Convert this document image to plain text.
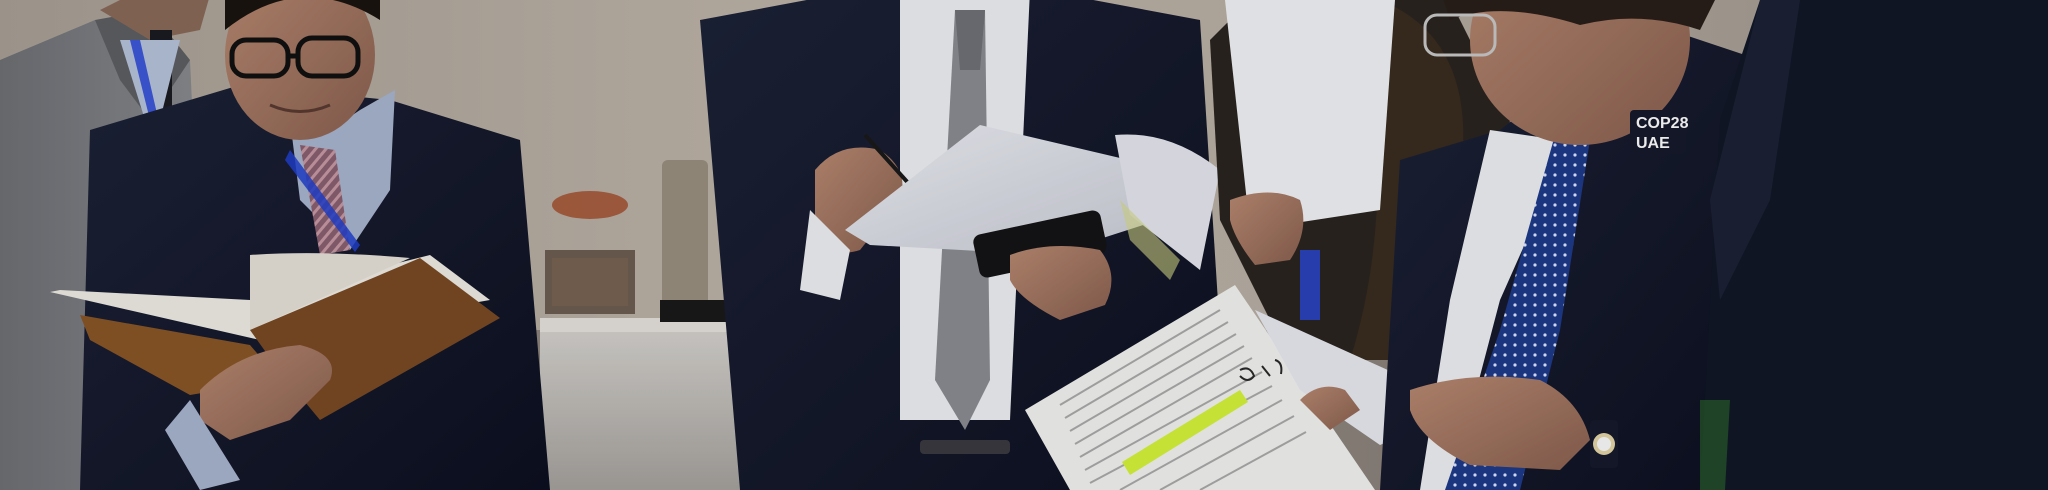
COP28
UAE
